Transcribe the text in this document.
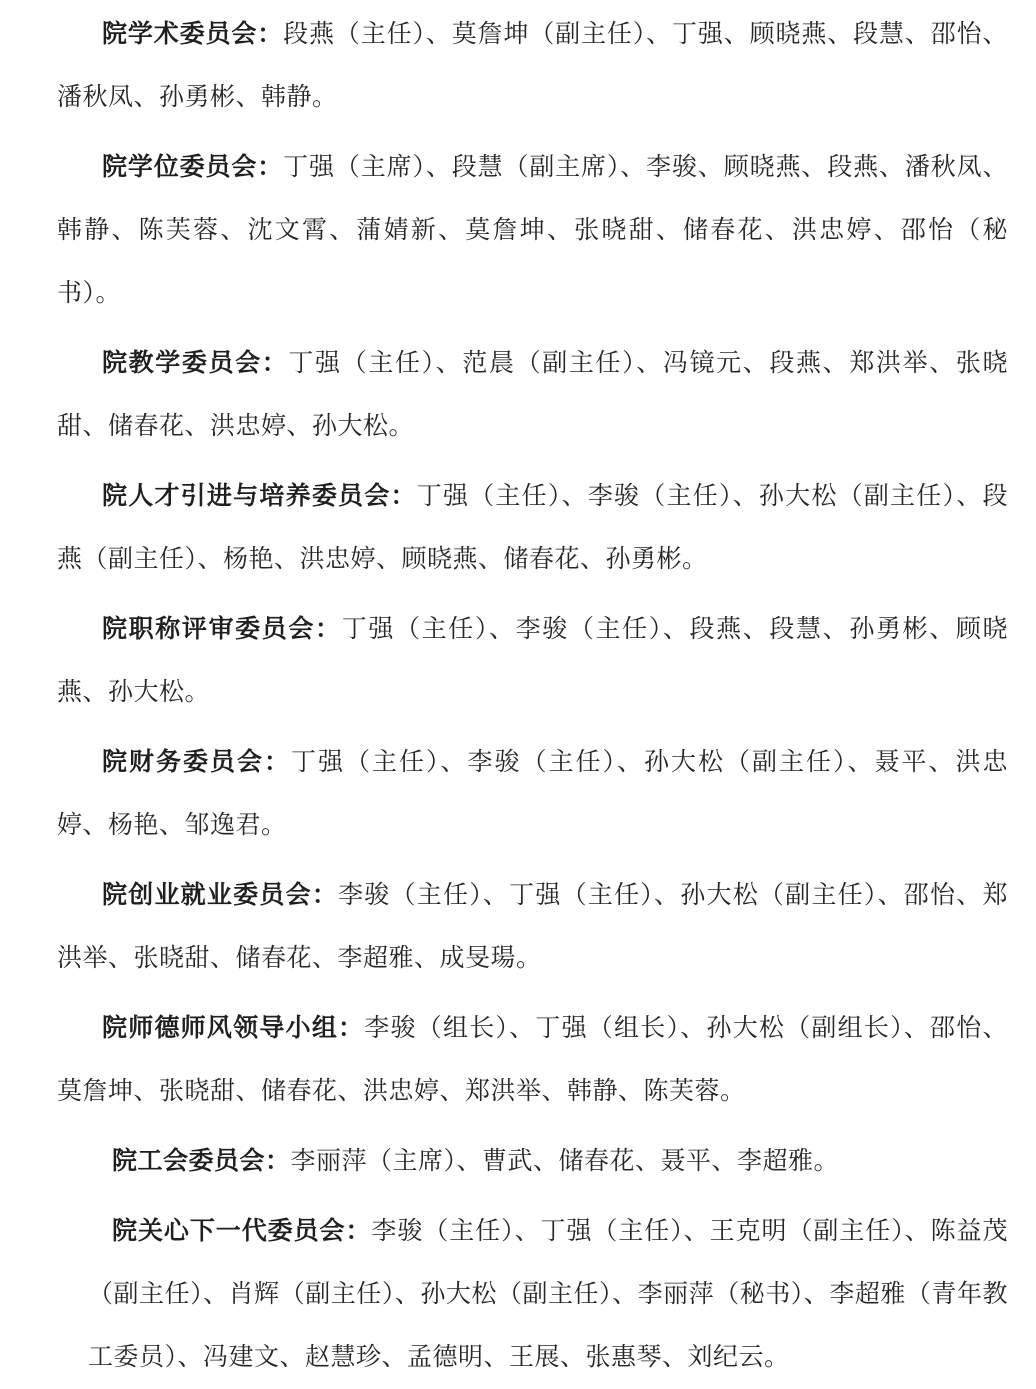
院学术委员会：段燕（主任）、莫詹坤（副主任）、丁强、顾晓燕、段慧、邵怡、潘秋凤、孙勇彬、韩静。

院学位委员会：丁强（主席）、段慧（副主席）、李骏、顾晓燕、段燕、潘秋凤、韩静、陈芙蓉、沈文霄、蒲婧新、莫詹坤、张晓甜、储春花、洪忠婷、邵怡（秘书）。

院教学委员会：丁强（主任）、范晨（副主任）、冯镜元、段燕、郑洪举、张晓甜、储春花、洪忠婷、孙大松。

院人才引进与培养委员会：丁强（主任）、李骏（主任）、孙大松（副主任）、段燕（副主任）、杨艳、洪忠婷、顾晓燕、储春花、孙勇彬。

院职称评审委员会：丁强（主任）、李骏（主任）、段燕、段慧、孙勇彬、顾晓燕、孙大松。

院财务委员会：丁强（主任）、李骏（主任）、孙大松（副主任）、聂平、洪忠婷、杨艳、邹逸君。

院创业就业委员会：李骏（主任）、丁强（主任）、孙大松（副主任）、邵怡、郑洪举、张晓甜、储春花、李超雅、成旻瑒。

院师德师风领导小组：李骏（组长）、丁强（组长）、孙大松（副组长）、邵怡、莫詹坤、张晓甜、储春花、洪忠婷、郑洪举、韩静、陈芙蓉。

院工会委员会：李丽萍（主席）、曹武、储春花、聂平、李超雅。

院关心下一代委员会：李骏（主任）、丁强（主任）、王克明（副主任）、陈益茂（副主任）、肖辉（副主任）、孙大松（副主任）、李丽萍（秘书）、李超雅（青年教工委员）、冯建文、赵慧珍、孟德明、王展、张惠琴、刘纪云。
